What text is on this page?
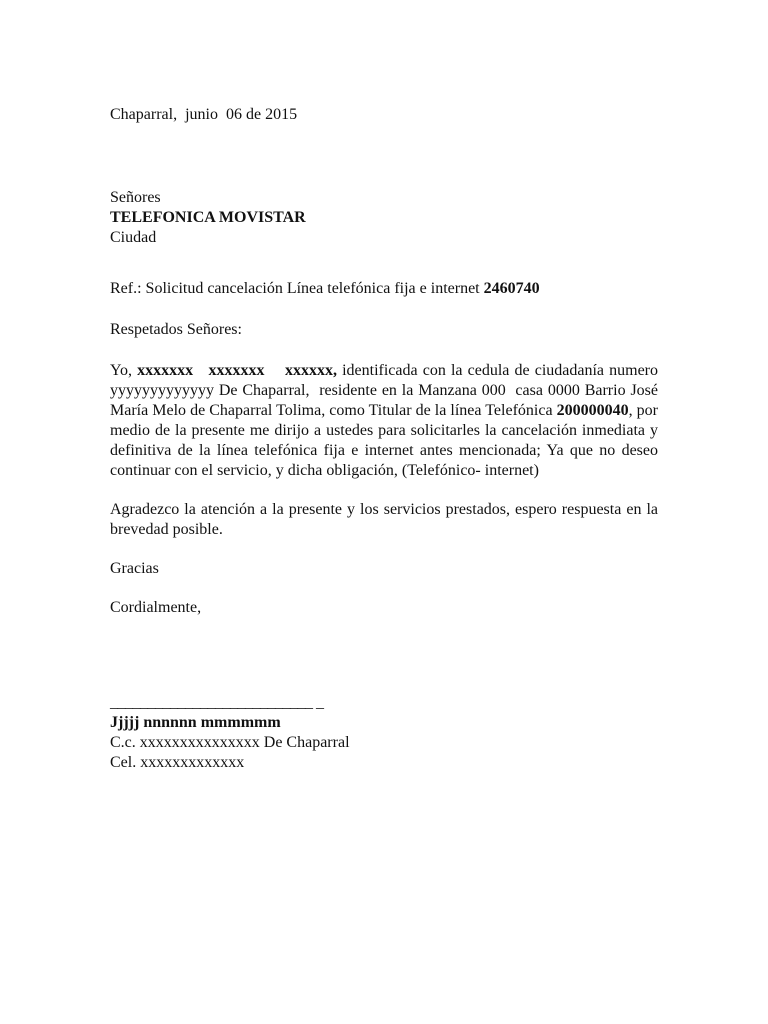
Chaparral,  junio  06 de 2015
Señores
TELEFONICA MOVISTAR
Ciudad
Ref.: Solicitud cancelación Línea telefónica fija e internet 2460740
Respetados Señores:
Yo, xxxxxxx   xxxxxxx    xxxxxx, identificada con la cedula de ciudadanía numero yyyyyyyyyyyyy De Chaparral,  residente en la Manzana 000  casa 0000 Barrio José María Melo de Chaparral Tolima, como Titular de la línea Telefónica 200000040, por medio de la presente me dirijo a ustedes para solicitarles la cancelación inmediata y definitiva de la línea telefónica fija e internet antes mencionada; Ya que no deseo continuar con el servicio, y dicha obligación, (Telefónico- internet)
Agradezco la atención a la presente y los servicios prestados, espero respuesta en la brevedad posible.
Gracias
Cordialmente,
___________________________ _
Jjjjj nnnnnn mmmmmm
C.c. xxxxxxxxxxxxxxx De Chaparral
Cel. xxxxxxxxxxxxx
